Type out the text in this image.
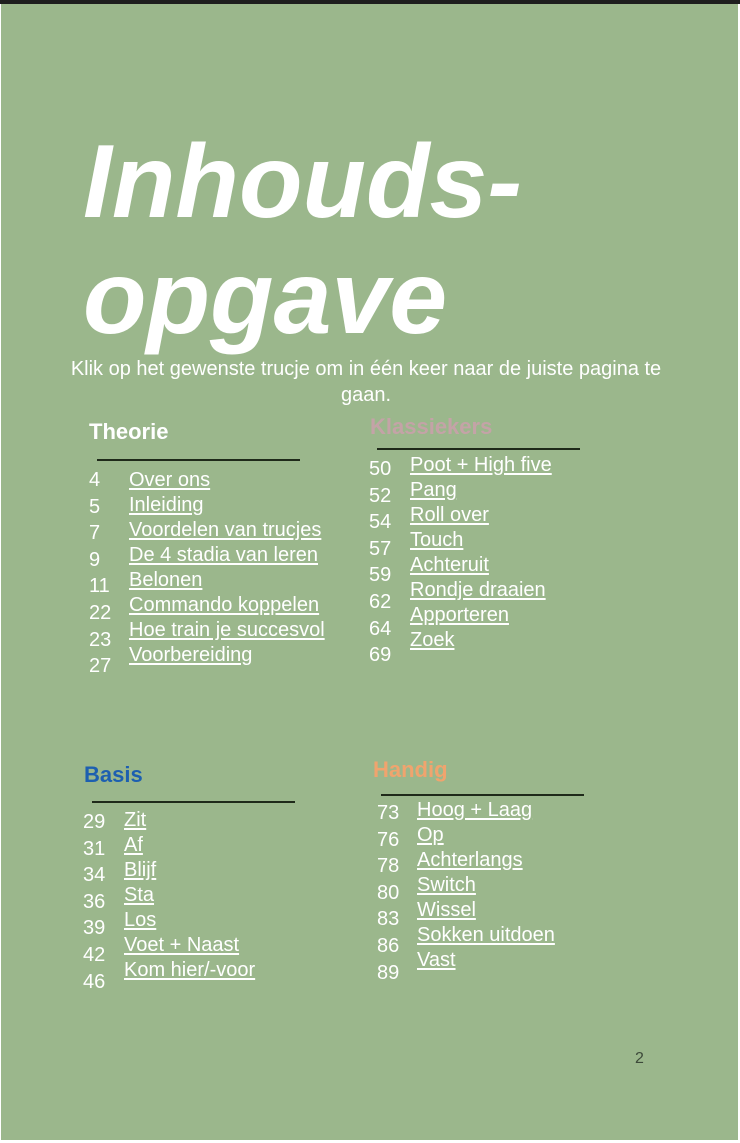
Inhouds-
opgave
Klik op het gewenste trucje om in één keer naar de juiste pagina te gaan.
Theorie
4
5
7
9
11
22
23
27
Over ons
Inleiding
Voordelen van trucjes
De 4 stadia van leren
Belonen
Commando koppelen
Hoe train je succesvol
Voorbereiding
Klassiekers
50
52
54
57
59
62
64
69
Poot + High five
Pang
Roll over
Touch
Achteruit
Rondje draaien
Apporteren
Zoek
Basis
29
31
34
36
39
42
46
Zit
Af
Blijf
Sta
Los
Voet + Naast
Kom hier/-voor
Handig
73
76
78
80
83
86
89
Hoog + Laag
Op
Achterlangs
Switch
Wissel
Sokken uitdoen
Vast
2
